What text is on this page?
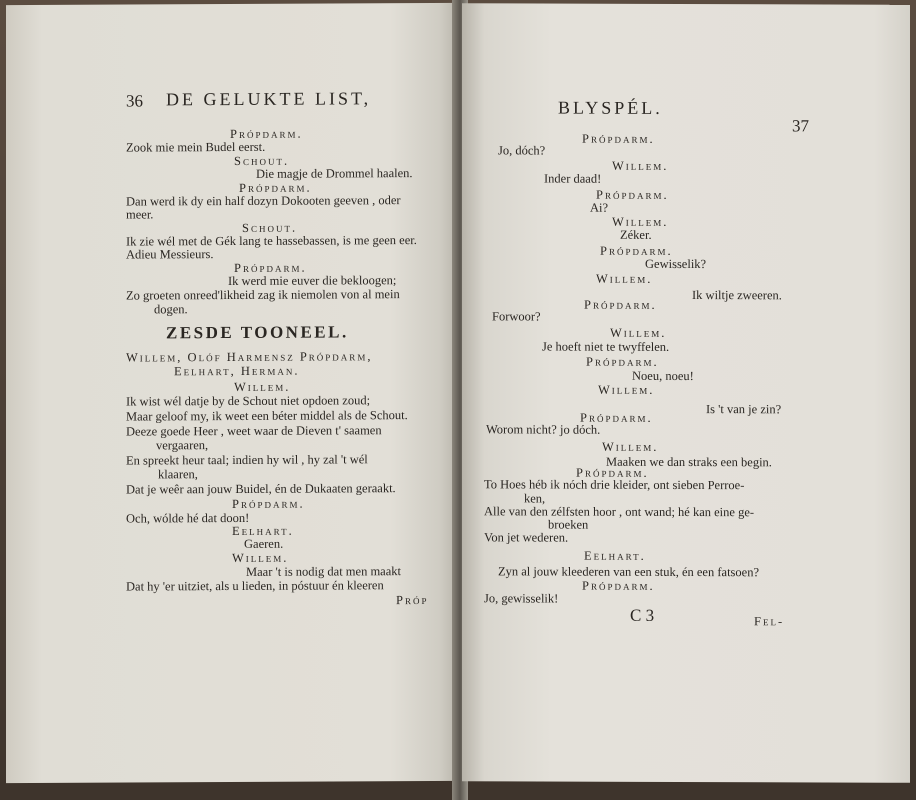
36 DE GELUKTE LIST,
Própdarm.
Zook mie mein Budel eerst.
Schout.
Die magje de Drommel haalen.
Própdarm.
Dan werd ik dy ein half dozyn Dokooten geeven , oder
meer.
Schout.
Ik zie wél met de Gék lang te hassebassen, is me geen eer.
Adieu Messieurs.
Própdarm.
Ik werd mie euver die bekloogen;
Zo groeten onreed'likheid zag ik niemolen von al mein
dogen.
ZESDE TOONEEL.
Willem, Olóf Harmensz Própdarm,
Eelhart, Herman.
Willem.
Ik wist wél datje by de Schout niet opdoen zoud;
Maar geloof my, ik weet een béter middel als de Schout.
Deeze goede Heer , weet waar de Dieven t' saamen
vergaaren,
En spreekt heur taal; indien hy wil , hy zal 't wél
klaaren,
Dat je weêr aan jouw Buidel, én de Dukaaten geraakt.
Própdarm.
Och, wólde hé dat doon!
Eelhart.
Gaeren.
Willem.
Maar 't is nodig dat men maakt
Dat hy 'er uitziet, als u lieden, in póstuur én kleeren
Próp
BLYSPÉL.
37
Própdarm.
Jo, dóch?
Willem.
Inder daad!
Própdarm.
Ai?
Willem.
Zéker.
Própdarm.
Gewisselik?
Willem.
Ik wiltje zweeren.
Própdarm.
Forwoor?
Willem.
Je hoeft niet te twyffelen.
Própdarm.
Noeu, noeu!
Willem.
Is 't van je zin?
Própdarm.
Worom nicht? jo dóch.
Willem.
Maaken we dan straks een begin.
Própdarm.
To Hoes héb ik nóch drie kleider, ont sieben Perroe-
ken,
Alle van den zélfsten hoor , ont wand; hé kan eine ge-
broeken
Von jet wederen.
Eelhart.
Zyn al jouw kleederen van een stuk, én een fatsoen?
Própdarm.
Jo, gewisselik!
C 3	Fel-
